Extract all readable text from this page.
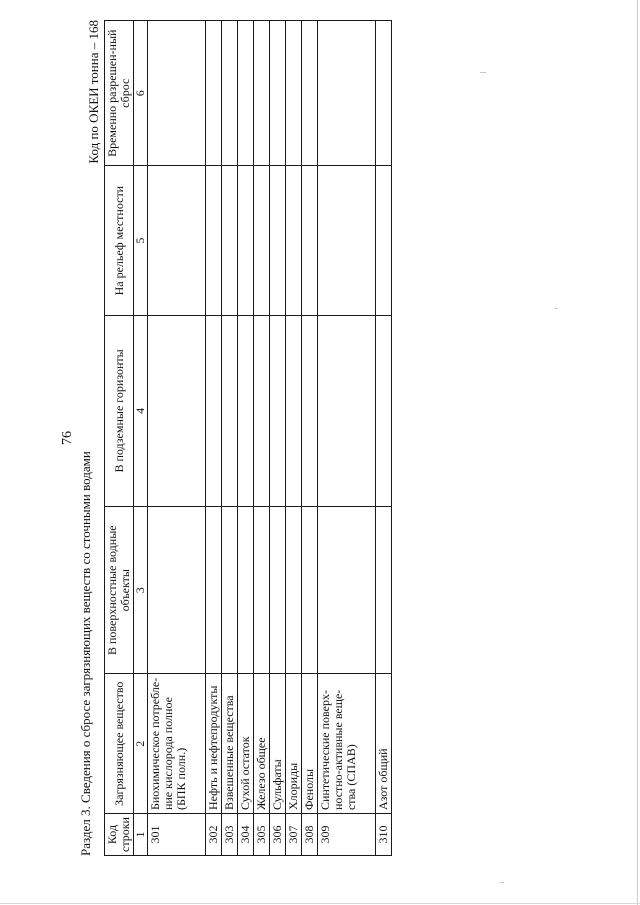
76
Раздел 3. Сведения о сбросе загрязняющих веществ со сточными водами
Код по ОКЕИ тонна – 168
Код строки	Загрязняющее вещество	В поверхностные водные объекты	В подземные горизонты	На рельеф местности	Временно разрешен-ный сброс
1	2	3	4	5	6
301	Биохимическое потребле-ние кислорода полное (БПК полн.)				
302	Нефть и нефтепродукты				
303	Взвешенные вещества				
304	Сухой остаток				
305	Железо общее				
306	Сульфаты				
307	Хлориды				
308	Фенолы				
309	Синтетические поверх-ностно-активные веще-ства (СПАВ)				
310	Азот общий				
